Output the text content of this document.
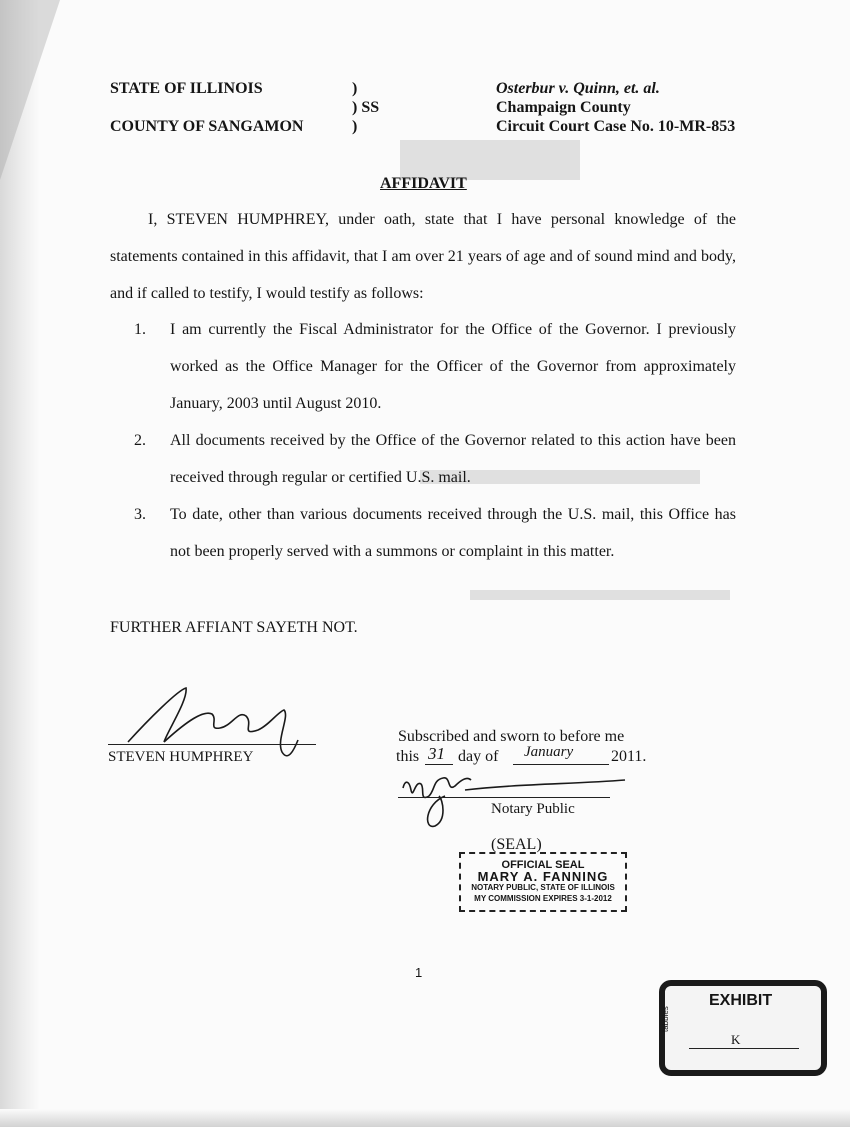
STATE OF ILLINOIS
COUNTY OF SANGAMON
)
) SS
)
Osterbur v. Quinn, et. al.
Champaign County
Circuit Court Case No. 10-MR-853
AFFIDAVIT
I, STEVEN HUMPHREY, under oath, state that I have personal knowledge of the statements contained in this affidavit, that I am over 21 years of age and of sound mind and body, and if called to testify, I would testify as follows:
1. I am currently the Fiscal Administrator for the Office of the Governor. I previously worked as the Office Manager for the Officer of the Governor from approximately January, 2003 until August 2010.
2. All documents received by the Office of the Governor related to this action have been received through regular or certified U.S. mail.
3. To date, other than various documents received through the U.S. mail, this Office has not been properly served with a summons or complaint in this matter.
FURTHER AFFIANT SAYETH NOT.
STEVEN HUMPHREY
Subscribed and sworn to before me
this 31 day of January 2011.
Notary Public
(SEAL)
OFFICIAL SEAL
MARY A. FANNING
NOTARY PUBLIC, STATE OF ILLINOIS
MY COMMISSION EXPIRES 3-1-2012
1
EXHIBIT
tabbies
K
